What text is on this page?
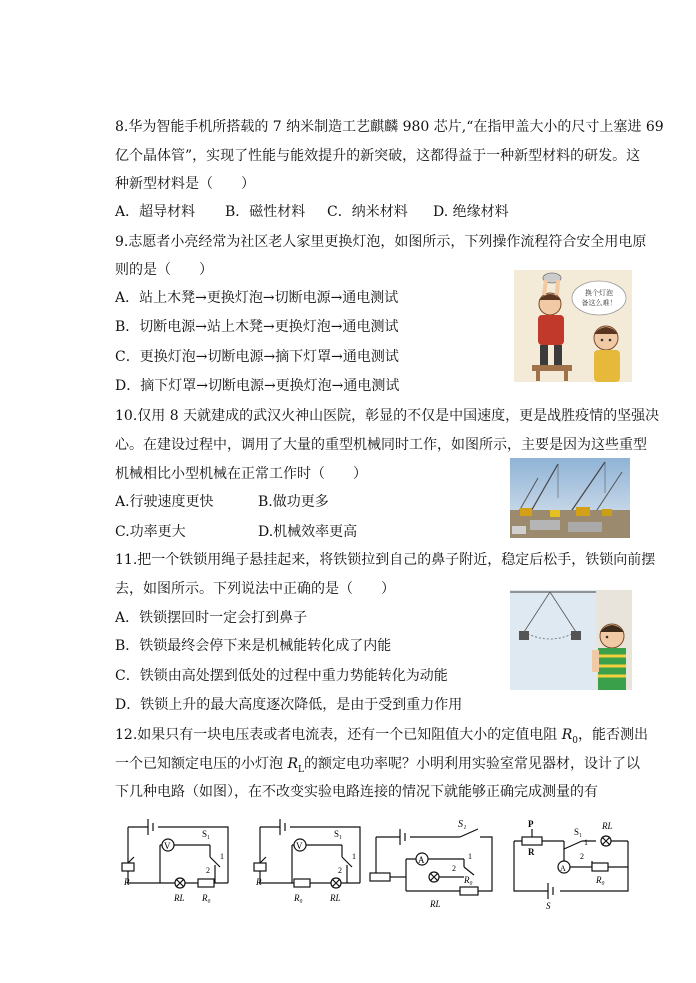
8.华为智能手机所搭载的 7 纳米制造工艺麒麟 980 芯片,“在指甲盖大小的尺寸上塞进 69
亿个晶体管”，实现了性能与能效提升的新突破，这都得益于一种新型材料的研发。这
种新型材料是（　　）
A．超导材料 B．磁性材料 C．纳米材料 D. 绝缘材料
9.志愿者小亮经常为社区老人家里更换灯泡，如图所示，下列操作流程符合安全用电原
则的是（　　）
A．站上木凳→更换灯泡→切断电源→通电测试
B．切断电源→站上木凳→更换灯泡→通电测试
C．更换灯泡→切断电源→摘下灯罩→通电测试
D．摘下灯罩→切断电源→更换灯泡→通电测试
换个灯泡
备这么难！
10.仅用 8 天就建成的武汉火神山医院，彰显的不仅是中国速度，更是战胜疫情的坚强决
心。在建设过程中，调用了大量的重型机械同时工作，如图所示，主要是因为这些重型
机械相比小型机械在正常工作时（　　）
A.行驶速度更快	B.做功更多
C.功率更大	D.机械效率更高
11.把一个铁锁用绳子悬挂起来，将铁锁拉到自己的鼻子附近，稳定后松手，铁锁向前摆
去，如图所示。下列说法中正确的是（　　）
A．铁锁摆回时一定会打到鼻子
B．铁锁最终会停下来是机械能转化成了内能
C．铁锁由高处摆到低处的过程中重力势能转化为动能
D．铁锁上升的最大高度逐次降低，是由于受到重力作用
12.如果只有一块电压表或者电流表，还有一个已知阻值大小的定值电阻 $R_0$，能否测出
一个已知额定电压的小灯泡 $R_L$的额定电功率呢？小明利用实验室常见器材，设计了以
下几种电路（如图），在不改变实验电路连接的情况下就能够正确完成测量的有
V
S₁
1
2
R
RL R₀
V
S₁
1
2
R
R₀	RL
A
S₁
1
2
RL
R₀
P
R
S₁
RL
A
1
2
R₀
S
